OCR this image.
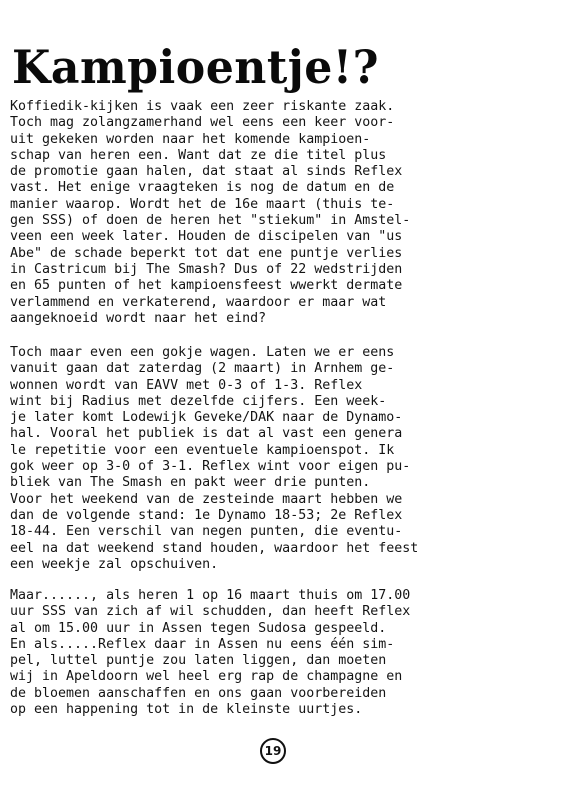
Kampioentje!?
Koffiedik-kijken is vaak een zeer riskante zaak.
Toch mag zolangzamerhand wel eens een keer voor-
uit gekeken worden naar het komende kampioen-
schap van heren een. Want dat ze die titel plus
de promotie gaan halen, dat staat al sinds Reflex
vast. Het enige vraagteken is nog de datum en de
manier waarop. Wordt het de 16e maart (thuis te-
gen SSS) of doen de heren het "stiekum" in Amstel-
veen een week later. Houden de discipelen van "us
Abe" de schade beperkt tot dat ene puntje verlies
in Castricum bij The Smash? Dus of 22 wedstrijden
en 65 punten of het kampioensfeest wwerkt dermate
verlammend en verkaterend, waardoor er maar wat
aangeknoeid wordt naar het eind?
Toch maar even een gokje wagen. Laten we er eens
vanuit gaan dat zaterdag (2 maart) in Arnhem ge-
wonnen wordt van EAVV met 0-3 of 1-3. Reflex
wint bij Radius met dezelfde cijfers. Een week-
je later komt Lodewijk Geveke/DAK naar de Dynamo-
hal. Vooral het publiek is dat al vast een genera
le repetitie voor een eventuele kampioenspot. Ik
gok weer op 3-0 of 3-1. Reflex wint voor eigen pu-
bliek van The Smash en pakt weer drie punten.
Voor het weekend van de zesteinde maart hebben we
dan de volgende stand: 1e Dynamo 18-53; 2e Reflex
18-44. Een verschil van negen punten, die eventu-
eel na dat weekend stand houden, waardoor het feest
een weekje zal opschuiven.
Maar......, als heren 1 op 16 maart thuis om 17.00
uur SSS van zich af wil schudden, dan heeft Reflex
al om 15.00 uur in Assen tegen Sudosa gespeeld.
En als.....Reflex daar in Assen nu eens één sim-
pel, luttel puntje zou laten liggen, dan moeten
wij in Apeldoorn wel heel erg rap de champagne en
de bloemen aanschaffen en ons gaan voorbereiden
op een happening tot in de kleinste uurtjes.
19
